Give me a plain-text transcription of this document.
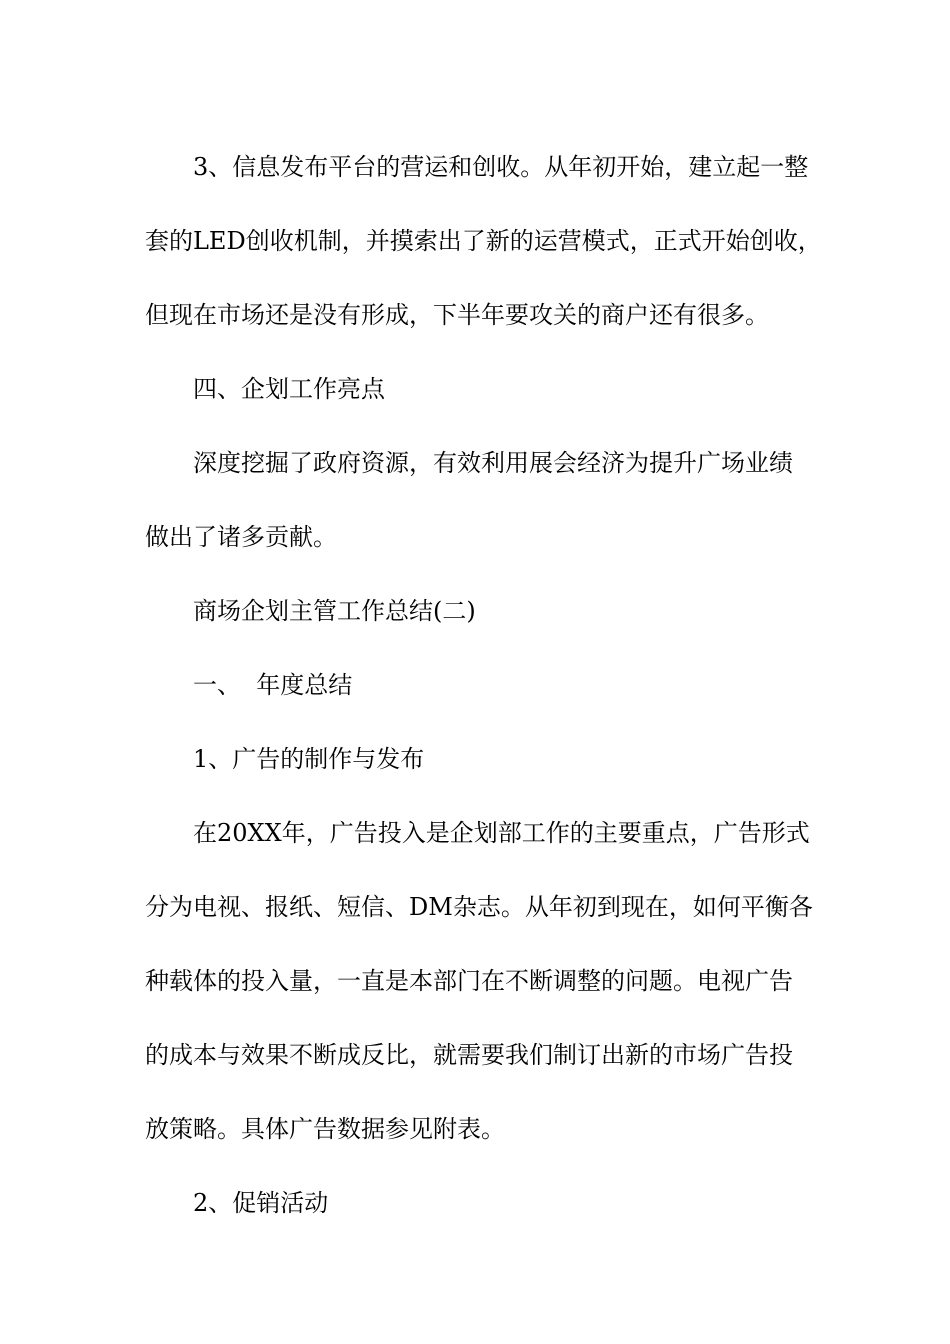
3、信息发布平台的营运和创收。从年初开始，建立起一整
套的LED创收机制，并摸索出了新的运营模式，正式开始创收，
但现在市场还是没有形成，下半年要攻关的商户还有很多。
四、企划工作亮点
深度挖掘了政府资源，有效利用展会经济为提升广场业绩
做出了诸多贡献。
商场企划主管工作总结(二)
一、  年度总结
1、广告的制作与发布
在20XX年，广告投入是企划部工作的主要重点，广告形式
分为电视、报纸、短信、DM杂志。从年初到现在，如何平衡各
种载体的投入量，一直是本部门在不断调整的问题。电视广告
的成本与效果不断成反比，就需要我们制订出新的市场广告投
放策略。具体广告数据参见附表。
2、促销活动
